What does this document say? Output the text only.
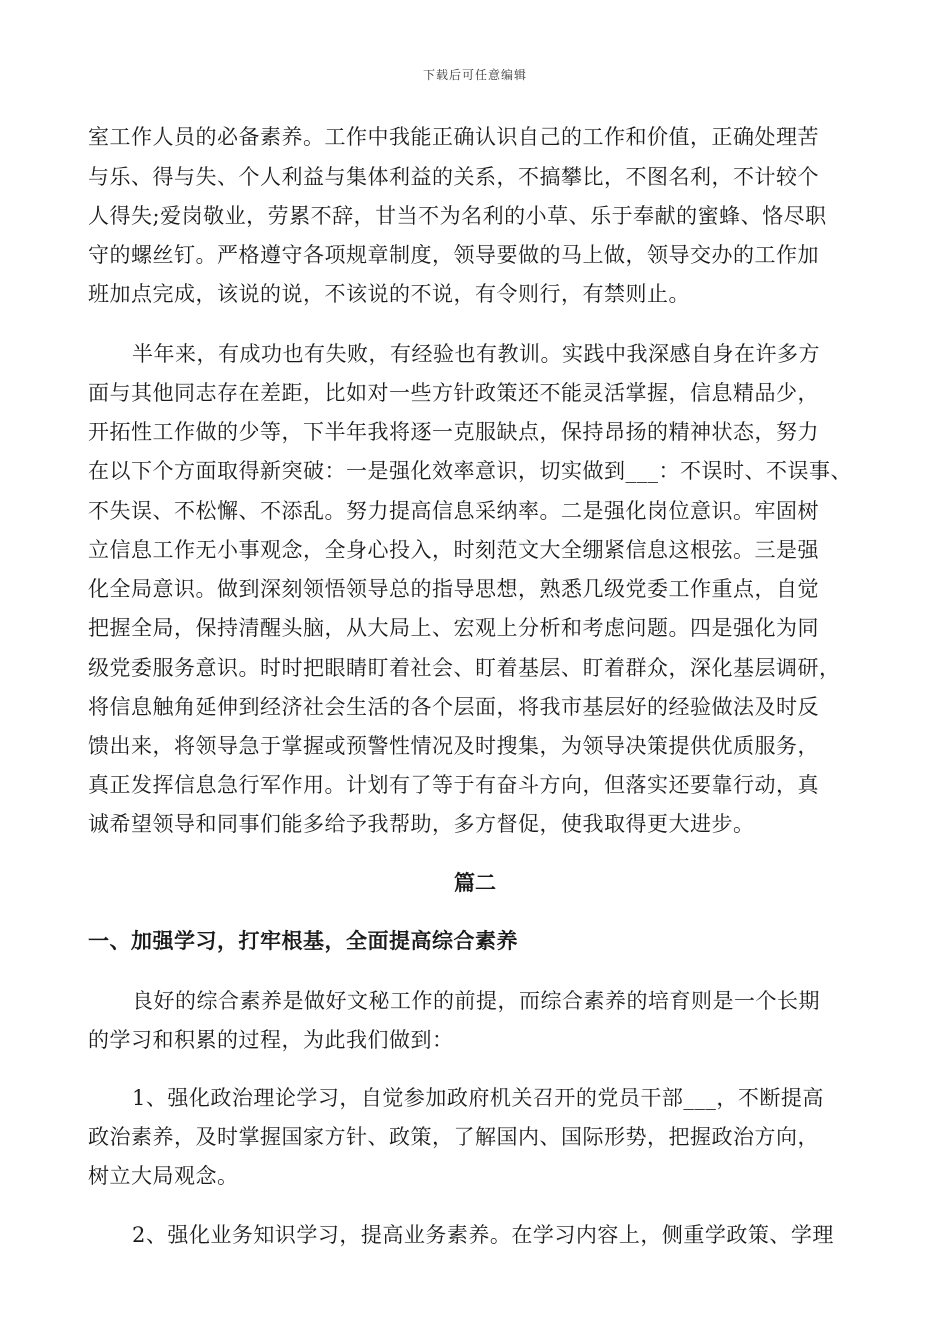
下载后可任意编辑
室工作人员的必备素养。工作中我能正确认识自己的工作和价值，正确处理苦
与乐、得与失、个人利益与集体利益的关系，不搞攀比，不图名利，不计较个
人得失;爱岗敬业，劳累不辞，甘当不为名利的小草、乐于奉献的蜜蜂、恪尽职
守的螺丝钉。严格遵守各项规章制度，领导要做的马上做，领导交办的工作加
班加点完成，该说的说，不该说的不说，有令则行，有禁则止。
半年来，有成功也有失败，有经验也有教训。实践中我深感自身在许多方
面与其他同志存在差距，比如对一些方针政策还不能灵活掌握，信息精品少，
开拓性工作做的少等，下半年我将逐一克服缺点，保持昂扬的精神状态，努力
在以下个方面取得新突破：一是强化效率意识，切实做到___：不误时、不误事、
不失误、不松懈、不添乱。努力提高信息采纳率。二是强化岗位意识。牢固树
立信息工作无小事观念，全身心投入，时刻范文大全绷紧信息这根弦。三是强
化全局意识。做到深刻领悟领导总的指导思想，熟悉几级党委工作重点，自觉
把握全局，保持清醒头脑，从大局上、宏观上分析和考虑问题。四是强化为同
级党委服务意识。时时把眼睛盯着社会、盯着基层、盯着群众，深化基层调研，
将信息触角延伸到经济社会生活的各个层面，将我市基层好的经验做法及时反
馈出来，将领导急于掌握或预警性情况及时搜集，为领导决策提供优质服务，
真正发挥信息急行军作用。计划有了等于有奋斗方向，但落实还要靠行动，真
诚希望领导和同事们能多给予我帮助，多方督促，使我取得更大进步。
篇二
一、加强学习，打牢根基，全面提高综合素养
良好的综合素养是做好文秘工作的前提，而综合素养的培育则是一个长期
的学习和积累的过程，为此我们做到：
1、强化政治理论学习，自觉参加政府机关召开的党员干部___，不断提高
政治素养，及时掌握国家方针、政策，了解国内、国际形势，把握政治方向，
树立大局观念。
2、强化业务知识学习，提高业务素养。在学习内容上，侧重学政策、学理
